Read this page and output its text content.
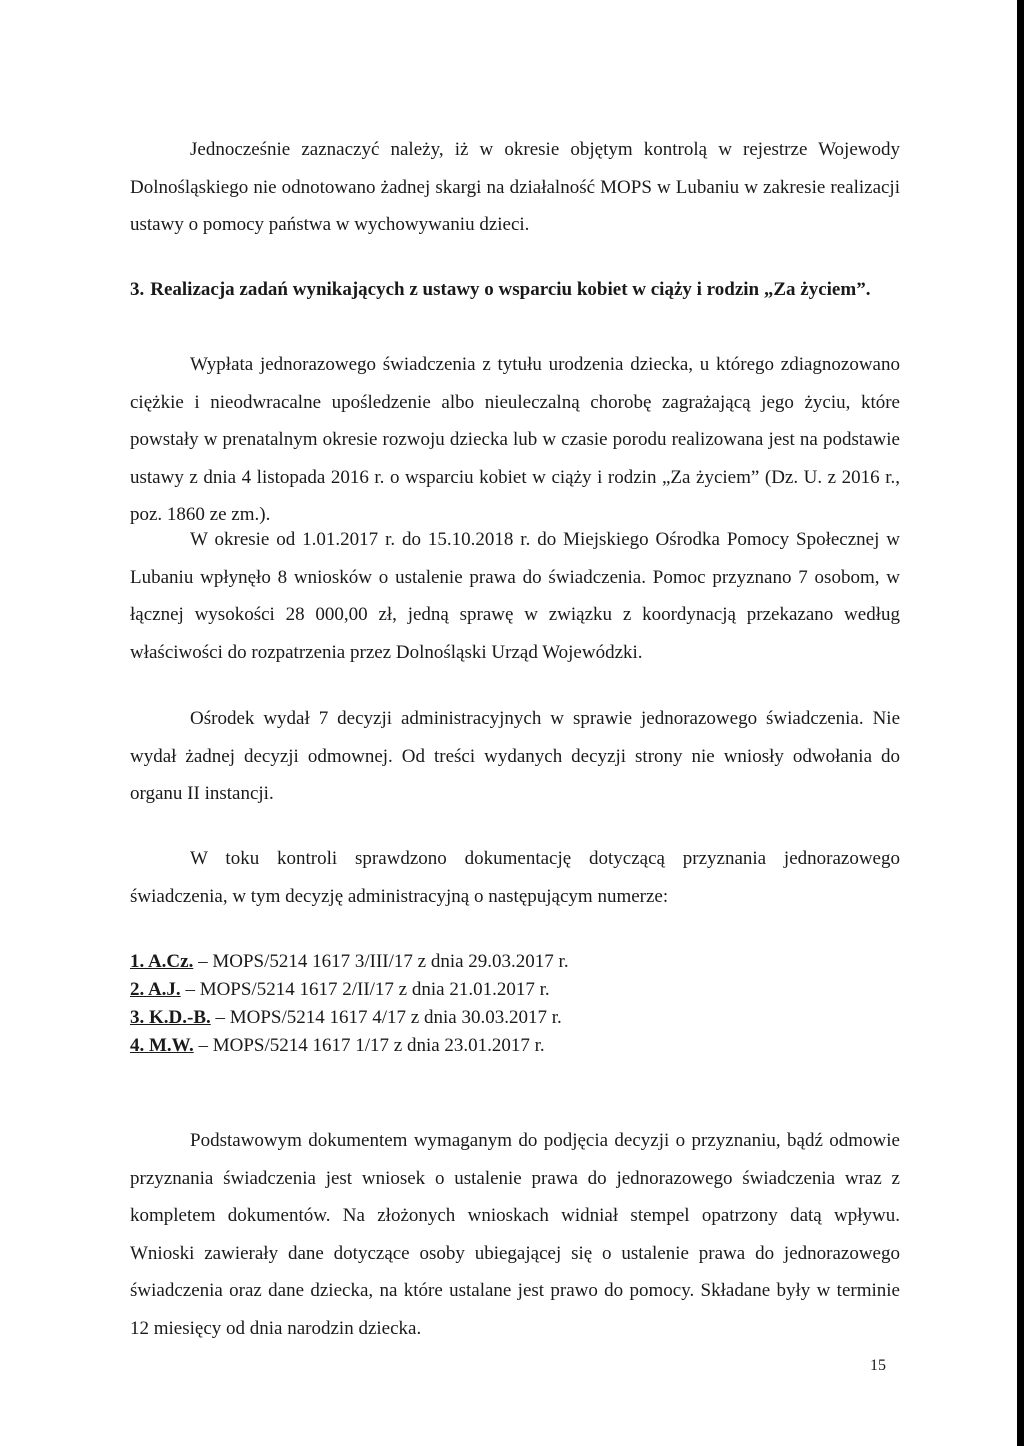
Jednocześnie zaznaczyć należy, iż w okresie objętym kontrolą w rejestrze Wojewody Dolnośląskiego nie odnotowano żadnej skargi na działalność MOPS w Lubaniu w zakresie realizacji ustawy o pomocy państwa w wychowywaniu dzieci.

3. Realizacja zadań wynikających z ustawy o wsparciu kobiet w ciąży i rodzin „Za życiem”.

Wypłata jednorazowego świadczenia z tytułu urodzenia dziecka, u którego zdiagnozowano ciężkie i nieodwracalne upośledzenie albo nieuleczalną chorobę zagrażającą jego życiu, które powstały w prenatalnym okresie rozwoju dziecka lub w czasie porodu realizowana jest na podstawie ustawy z dnia 4 listopada 2016 r. o wsparciu kobiet w ciąży i rodzin „Za życiem” (Dz. U. z 2016 r., poz. 1860 ze zm.).

W okresie od 1.01.2017 r. do 15.10.2018 r. do Miejskiego Ośrodka Pomocy Społecznej w Lubaniu wpłynęło 8 wniosków o ustalenie prawa do świadczenia. Pomoc przyznano 7 osobom, w łącznej wysokości 28 000,00 zł, jedną sprawę w związku z koordynacją przekazano według właściwości do rozpatrzenia przez Dolnośląski Urząd Wojewódzki.

Ośrodek wydał 7 decyzji administracyjnych w sprawie jednorazowego świadczenia. Nie wydał żadnej decyzji odmownej. Od treści wydanych decyzji strony nie wniosły odwołania do organu II instancji.

W toku kontroli sprawdzono dokumentację dotyczącą przyznania jednorazowego świadczenia, w tym decyzję administracyjną o następującym numerze:

1. A.Cz. – MOPS/5214 1617 3/III/17 z dnia 29.03.2017 r.
2. A.J. – MOPS/5214 1617 2/II/17 z dnia 21.01.2017 r.
3. K.D.-B. – MOPS/5214 1617 4/17 z dnia 30.03.2017 r.
4. M.W. – MOPS/5214 1617 1/17 z dnia 23.01.2017 r.

Podstawowym dokumentem wymaganym do podjęcia decyzji o przyznaniu, bądź odmowie przyznania świadczenia jest wniosek o ustalenie prawa do jednorazowego świadczenia wraz z kompletem dokumentów. Na złożonych wnioskach widniał stempel opatrzony datą wpływu. Wnioski zawierały dane dotyczące osoby ubiegającej się o ustalenie prawa do jednorazowego świadczenia oraz dane dziecka, na które ustalane jest prawo do pomocy. Składane były w terminie 12 miesięcy od dnia narodzin dziecka.

15
